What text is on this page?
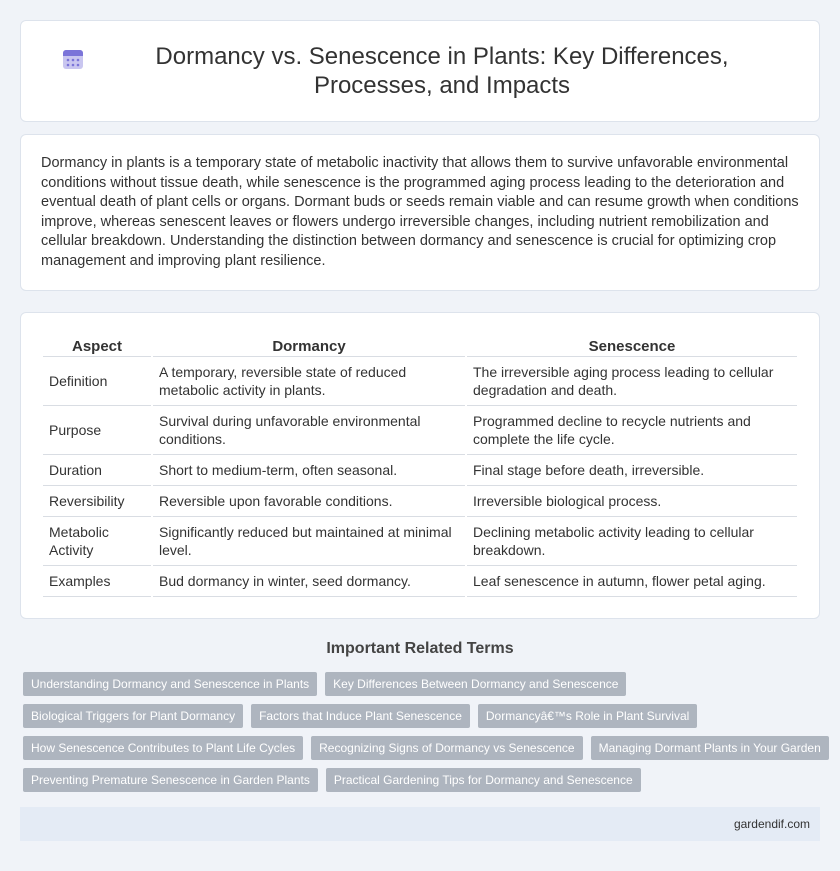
Dormancy vs. Senescence in Plants: Key Differences, Processes, and Impacts

Dormancy in plants is a temporary state of metabolic inactivity that allows them to survive unfavorable environmental conditions without tissue death, while senescence is the programmed aging process leading to the deterioration and eventual death of plant cells or organs. Dormant buds or seeds remain viable and can resume growth when conditions improve, whereas senescent leaves or flowers undergo irreversible changes, including nutrient remobilization and cellular breakdown. Understanding the distinction between dormancy and senescence is crucial for optimizing crop management and improving plant resilience.

Aspect	Dormancy	Senescence
Definition	A temporary, reversible state of reduced metabolic activity in plants.	The irreversible aging process leading to cellular degradation and death.
Purpose	Survival during unfavorable environmental conditions.	Programmed decline to recycle nutrients and complete the life cycle.
Duration	Short to medium-term, often seasonal.	Final stage before death, irreversible.
Reversibility	Reversible upon favorable conditions.	Irreversible biological process.
Metabolic Activity	Significantly reduced but maintained at minimal level.	Declining metabolic activity leading to cellular breakdown.
Examples	Bud dormancy in winter, seed dormancy.	Leaf senescence in autumn, flower petal aging.
Important Related Terms
Understanding Dormancy and Senescence in Plants	Key Differences Between Dormancy and Senescence
Biological Triggers for Plant Dormancy	Factors that Induce Plant Senescence	Dormancyâ€™s Role in Plant Survival
How Senescence Contributes to Plant Life Cycles	Recognizing Signs of Dormancy vs Senescence	Managing Dormant Plants in Your Garden
Preventing Premature Senescence in Garden Plants	Practical Gardening Tips for Dormancy and Senescence
gardendif.com
